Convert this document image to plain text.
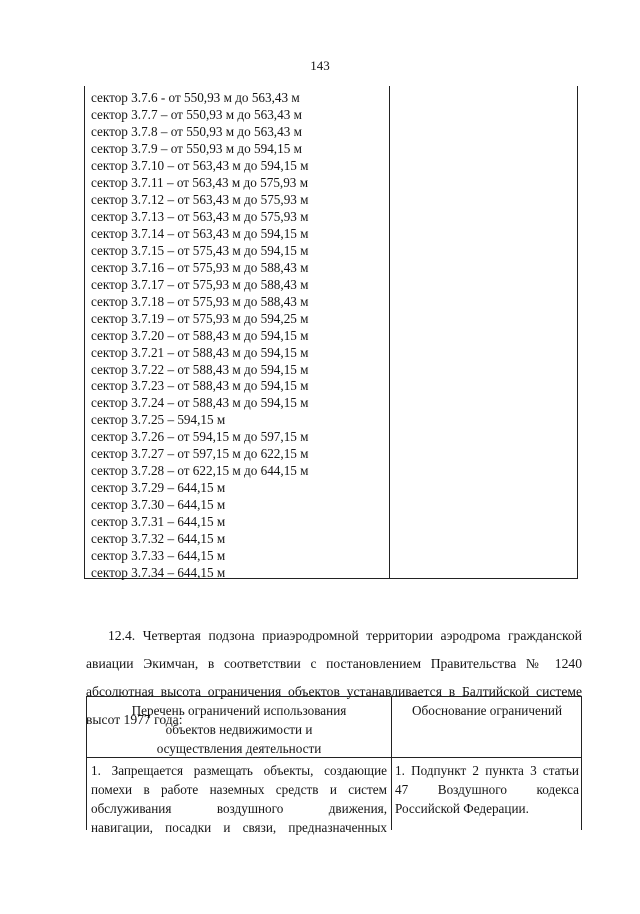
143
сектор 3.7.6 - от 550,93 м до 563,43 м
сектор 3.7.7 – от 550,93 м до 563,43 м
сектор 3.7.8 – от 550,93 м до 563,43 м
сектор 3.7.9 – от 550,93 м до 594,15 м
сектор 3.7.10 – от 563,43 м до 594,15 м
сектор 3.7.11 – от 563,43 м до 575,93 м
сектор 3.7.12 – от 563,43 м до 575,93 м
сектор 3.7.13 – от 563,43 м до 575,93 м
сектор 3.7.14 – от 563,43 м до 594,15 м
сектор 3.7.15 – от 575,43 м до 594,15 м
сектор 3.7.16 – от 575,93 м до 588,43 м
сектор 3.7.17 – от 575,93 м до 588,43 м
сектор 3.7.18 – от 575,93 м до 588,43 м
сектор 3.7.19 – от 575,93 м до 594,25 м
сектор 3.7.20 – от 588,43 м до 594,15 м
сектор 3.7.21 – от 588,43 м до 594,15 м
сектор 3.7.22 – от 588,43 м до 594,15 м
сектор 3.7.23 – от 588,43 м до 594,15 м
сектор 3.7.24 – от 588,43 м до 594,15 м
сектор 3.7.25 – 594,15 м
сектор 3.7.26 – от 594,15 м до 597,15 м
сектор 3.7.27 – от 597,15 м до 622,15 м
сектор 3.7.28 – от 622,15 м до 644,15 м
сектор 3.7.29 – 644,15 м
сектор 3.7.30 – 644,15 м
сектор 3.7.31 – 644,15 м
сектор 3.7.32 – 644,15 м
сектор 3.7.33 – 644,15 м
сектор 3.7.34 – 644,15 м
12.4. Четвертая подзона приаэродромной территории аэродрома гражданской
авиации Экимчан, в соответствии с постановлением Правительства № 1240
абсолютная высота ограничения объектов устанавливается в Балтийской системе
высот 1977 года:
Перечень ограничений использования
объектов недвижимости и
осуществления деятельности
Обоснование ограничений
1. Запрещается размещать объекты, создающие
помехи в работе наземных средств и систем
обслуживания воздушного движения,
навигации, посадки и связи, предназначенных
1. Подпункт 2 пункта 3 статьи
47 Воздушного кодекса
Российской Федерации.
